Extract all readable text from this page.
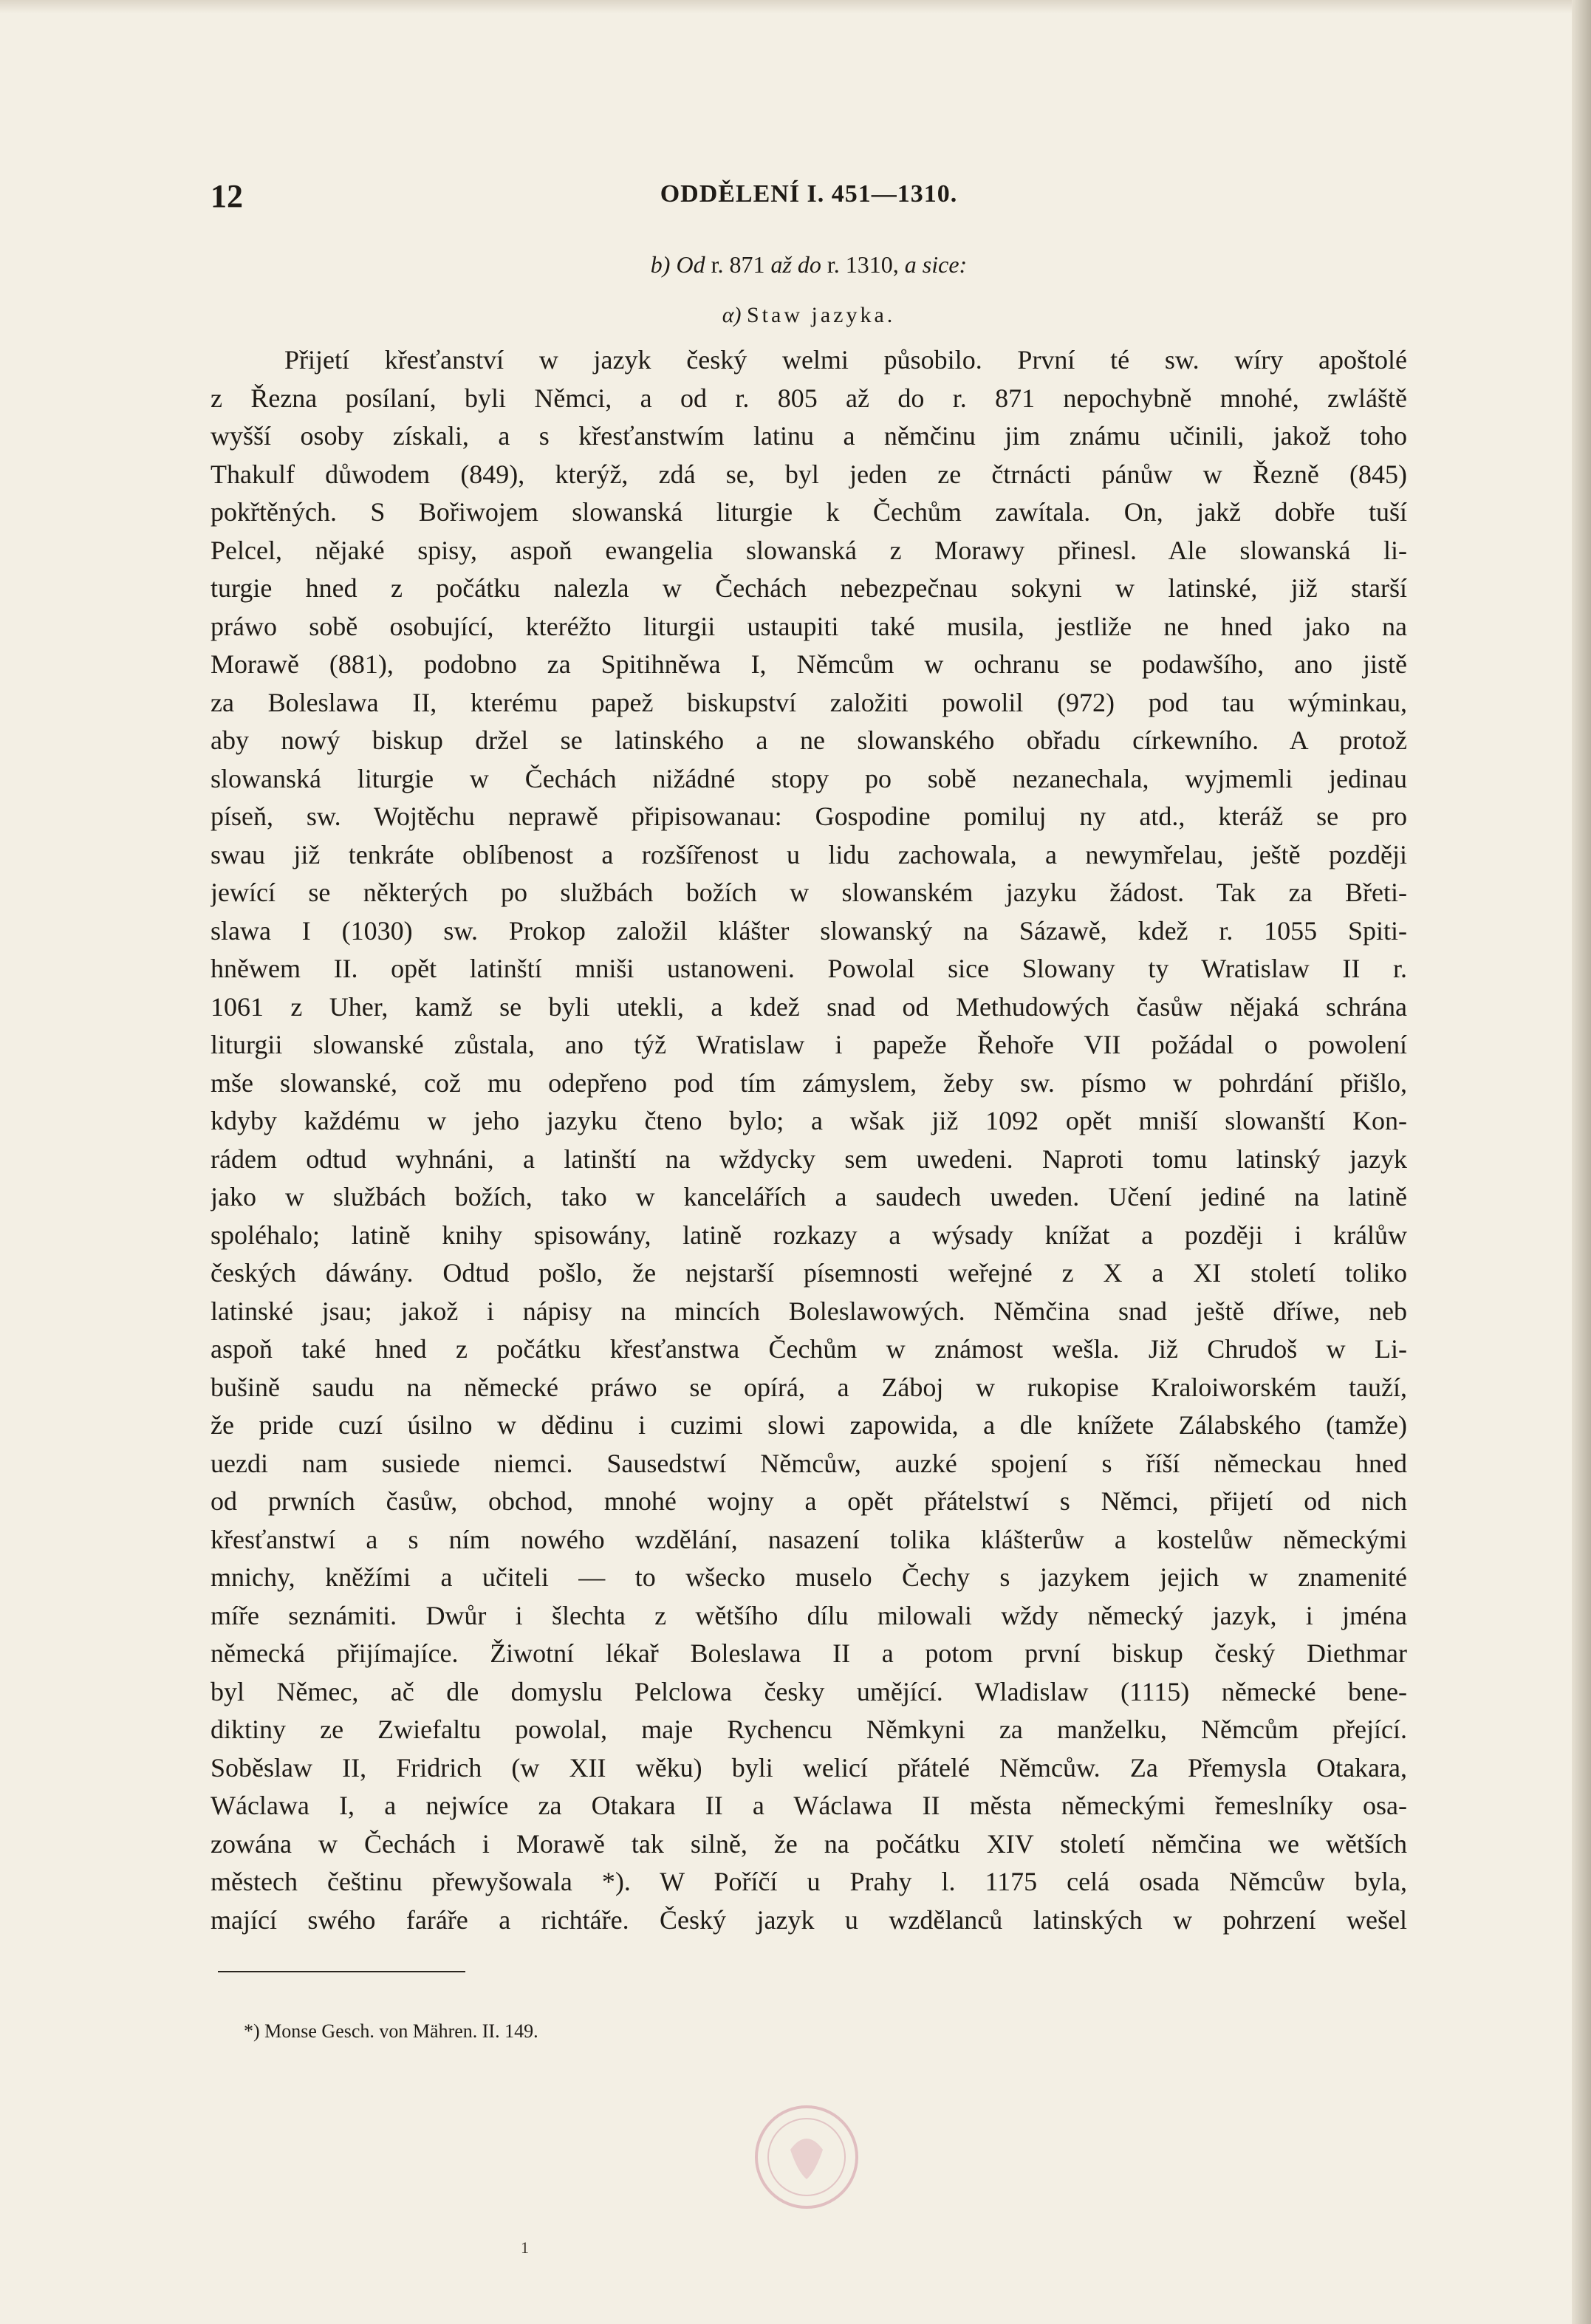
12	ODDĚLENÍ I. 451—1310.
b) Od r. 871 až do r. 1310, a sice:
α) Staw jazyka.
Přijetí křesťanství w jazyk český welmi působilo. První té sw. wíry apoštolé
z Řezna posílaní, byli Němci, a od r. 805 až do r. 871 nepochybně mnohé, zwláště
wyšší osoby získali, a s křesťanstwím latinu a němčinu jim známu učinili, jakož toho
Thakulf důwodem (849), kterýž, zdá se, byl jeden ze čtrnácti pánůw w Řezně (845)
pokřtěných. S Bořiwojem slowanská liturgie k Čechům zawítala. On, jakž dobře tuší
Pelcel, nějaké spisy, aspoň ewangelia slowanská z Morawy přinesl. Ale slowanská li-
turgie hned z počátku nalezla w Čechách nebezpečnau sokyni w latinské, již starší
práwo sobě osobující, kteréžto liturgii ustaupiti také musila, jestliže ne hned jako na
Morawě (881), podobno za Spitihněwa I, Němcům w ochranu se podawšího, ano jistě
za Boleslawa II, kterému papež biskupství založiti powolil (972) pod tau wýminkau,
aby nowý biskup držel se latinského a ne slowanského obřadu církewního. A protož
slowanská liturgie w Čechách nižádné stopy po sobě nezanechala, wyjmemli jedinau
píseň, sw. Wojtěchu neprawě připisowanau: Gospodine pomiluj ny atd., kteráž se pro
swau již tenkráte oblíbenost a rozšířenost u lidu zachowala, a newymřelau, ještě později
jewící se některých po službách božích w slowanském jazyku žádost. Tak za Břeti-
slawa I (1030) sw. Prokop založil klášter slowanský na Sázawě, kdež r. 1055 Spiti-
hněwem II. opět latinští mniši ustanoweni. Powolal sice Slowany ty Wratislaw II r.
1061 z Uher, kamž se byli utekli, a kdež snad od Methudowých časůw nějaká schrána
liturgii slowanské zůstala, ano týž Wratislaw i papeže Řehoře VII požádal o powolení
mše slowanské, což mu odepřeno pod tím zámyslem, žeby sw. písmo w pohrdání přišlo,
kdyby každému w jeho jazyku čteno bylo; a wšak již 1092 opět mniší slowanští Kon-
rádem odtud wyhnáni, a latinští na wždycky sem uwedeni. Naproti tomu latinský jazyk
jako w službách božích, tako w kancelářích a saudech uweden. Učení jediné na latině
spoléhalo; latině knihy spisowány, latině rozkazy a wýsady knížat a později i králůw
českých dáwány. Odtud pošlo, že nejstarší písemnosti weřejné z X a XI století toliko
latinské jsau; jakož i nápisy na mincích Boleslawowých. Němčina snad ještě dříwe, neb
aspoň také hned z počátku křesťanstwa Čechům w známost wešla. Již Chrudoš w Li-
bušině saudu na německé práwo se opírá, a Záboj w rukopise Kraloiworském tauží,
že pride cuzí úsilno w dědinu i cuzimi slowi zapowida, a dle knížete Zálabského (tamže)
uezdi nam susiede niemci. Sausedstwí Němcůw, auzké spojení s říší německau hned
od prwních časůw, obchod, mnohé wojny a opět přátelstwí s Němci, přijetí od nich
křesťanstwí a s ním nowého wzdělání, nasazení tolika klášterůw a kostelůw německými
mnichy, kněžími a učiteli — to wšecko muselo Čechy s jazykem jejich w znamenité
míře seznámiti. Dwůr i šlechta z wětšího dílu milowali wždy německý jazyk, i jména
německá přijímajíce. Žiwotní lékař Boleslawa II a potom první biskup český Diethmar
byl Němec, ač dle domyslu Pelclowa česky umějící. Wladislaw (1115) německé bene-
diktiny ze Zwiefaltu powolal, maje Rychencu Němkyni za manželku, Němcům přející.
Soběslaw II, Fridrich (w XII wěku) byli welicí přátelé Němcůw. Za Přemysla Otakara,
Wáclawa I, a nejwíce za Otakara II a Wáclawa II města německými řemeslníky osa-
zowána w Čechách i Morawě tak silně, že na počátku XIV století němčina we wětších
městech češtinu přewyšowala *). W Poříčí u Prahy l. 1175 celá osada Němcůw byla,
mající swého faráře a richtáře. Český jazyk u wzdělanců latinských w pohrzení wešel
*) Monse Gesch. von Mähren. II. 149.
1
